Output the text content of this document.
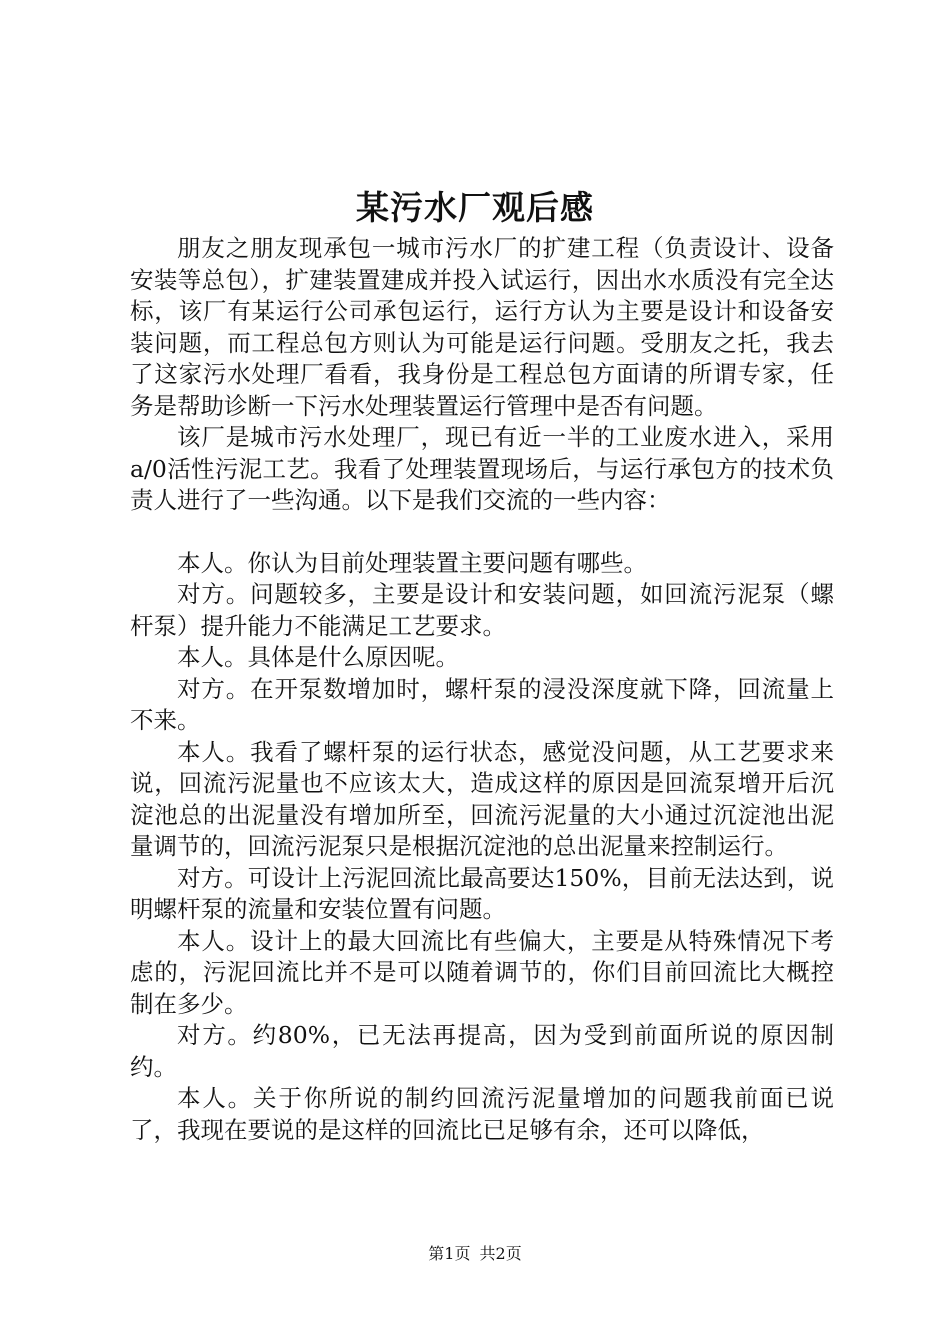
某污水厂观后感

朋友之朋友现承包一城市污水厂的扩建工程（负责设计、设备安装等总包），扩建装置建成并投入试运行，因出水水质没有完全达标，该厂有某运行公司承包运行，运行方认为主要是设计和设备安装问题，而工程总包方则认为可能是运行问题。受朋友之托，我去了这家污水处理厂看看，我身份是工程总包方面请的所谓专家，任务是帮助诊断一下污水处理装置运行管理中是否有问题。

该厂是城市污水处理厂，现已有近一半的工业废水进入，采用a/0活性污泥工艺。我看了处理装置现场后，与运行承包方的技术负责人进行了一些沟通。以下是我们交流的一些内容：

本人。你认为目前处理装置主要问题有哪些。

对方。问题较多，主要是设计和安装问题，如回流污泥泵（螺杆泵）提升能力不能满足工艺要求。

本人。具体是什么原因呢。

对方。在开泵数增加时，螺杆泵的浸没深度就下降，回流量上不来。

本人。我看了螺杆泵的运行状态，感觉没问题，从工艺要求来说，回流污泥量也不应该太大，造成这样的原因是回流泵增开后沉淀池总的出泥量没有增加所至，回流污泥量的大小通过沉淀池出泥量调节的，回流污泥泵只是根据沉淀池的总出泥量来控制运行。

对方。可设计上污泥回流比最高要达150%，目前无法达到，说明螺杆泵的流量和安装位置有问题。

本人。设计上的最大回流比有些偏大，主要是从特殊情况下考虑的，污泥回流比并不是可以随着调节的，你们目前回流比大概控制在多少。

对方。约80%，已无法再提高，因为受到前面所说的原因制约。

本人。关于你所说的制约回流污泥量增加的问题我前面已说了，我现在要说的是这样的回流比已足够有余，还可以降低，

第1页 共2页
